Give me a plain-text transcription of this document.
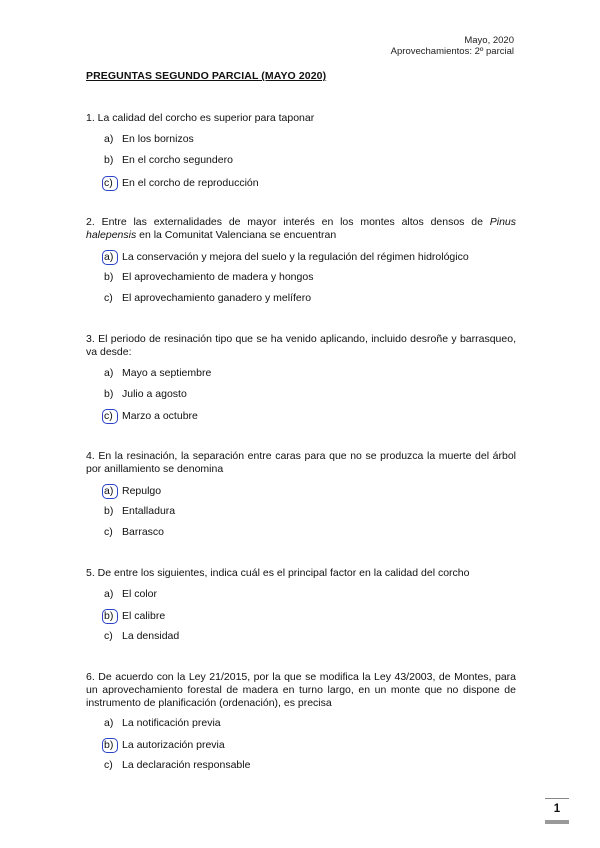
Mayo, 2020
Aprovechamientos: 2º parcial
PREGUNTAS SEGUNDO PARCIAL (MAYO 2020)
1. La calidad del corcho es superior para taponar
a) En los bornizos
b) En el corcho segundero
c) En el corcho de reproducción
2. Entre las externalidades de mayor interés en los montes altos densos de Pinus halepensis en la Comunitat Valenciana se encuentran
a) La conservación y mejora del suelo y la regulación del régimen hidrológico
b) El aprovechamiento de madera y hongos
c) El aprovechamiento ganadero y melífero
3. El periodo de resinación tipo que se ha venido aplicando, incluido desroñe y barrasqueo, va desde:
a) Mayo a septiembre
b) Julio a agosto
c) Marzo a octubre
4. En la resinación, la separación entre caras para que no se produzca la muerte del árbol por anillamiento se denomina
a) Repulgo
b) Entalladura
c) Barrasco
5. De entre los siguientes, indica cuál es el principal factor en la calidad del corcho
a) El color
b) El calibre
c) La densidad
6. De acuerdo con la Ley 21/2015, por la que se modifica la Ley 43/2003, de Montes, para un aprovechamiento forestal de madera en turno largo, en un monte que no dispone de instrumento de planificación (ordenación), es precisa
a) La notificación previa
b) La autorización previa
c) La declaración responsable
1
